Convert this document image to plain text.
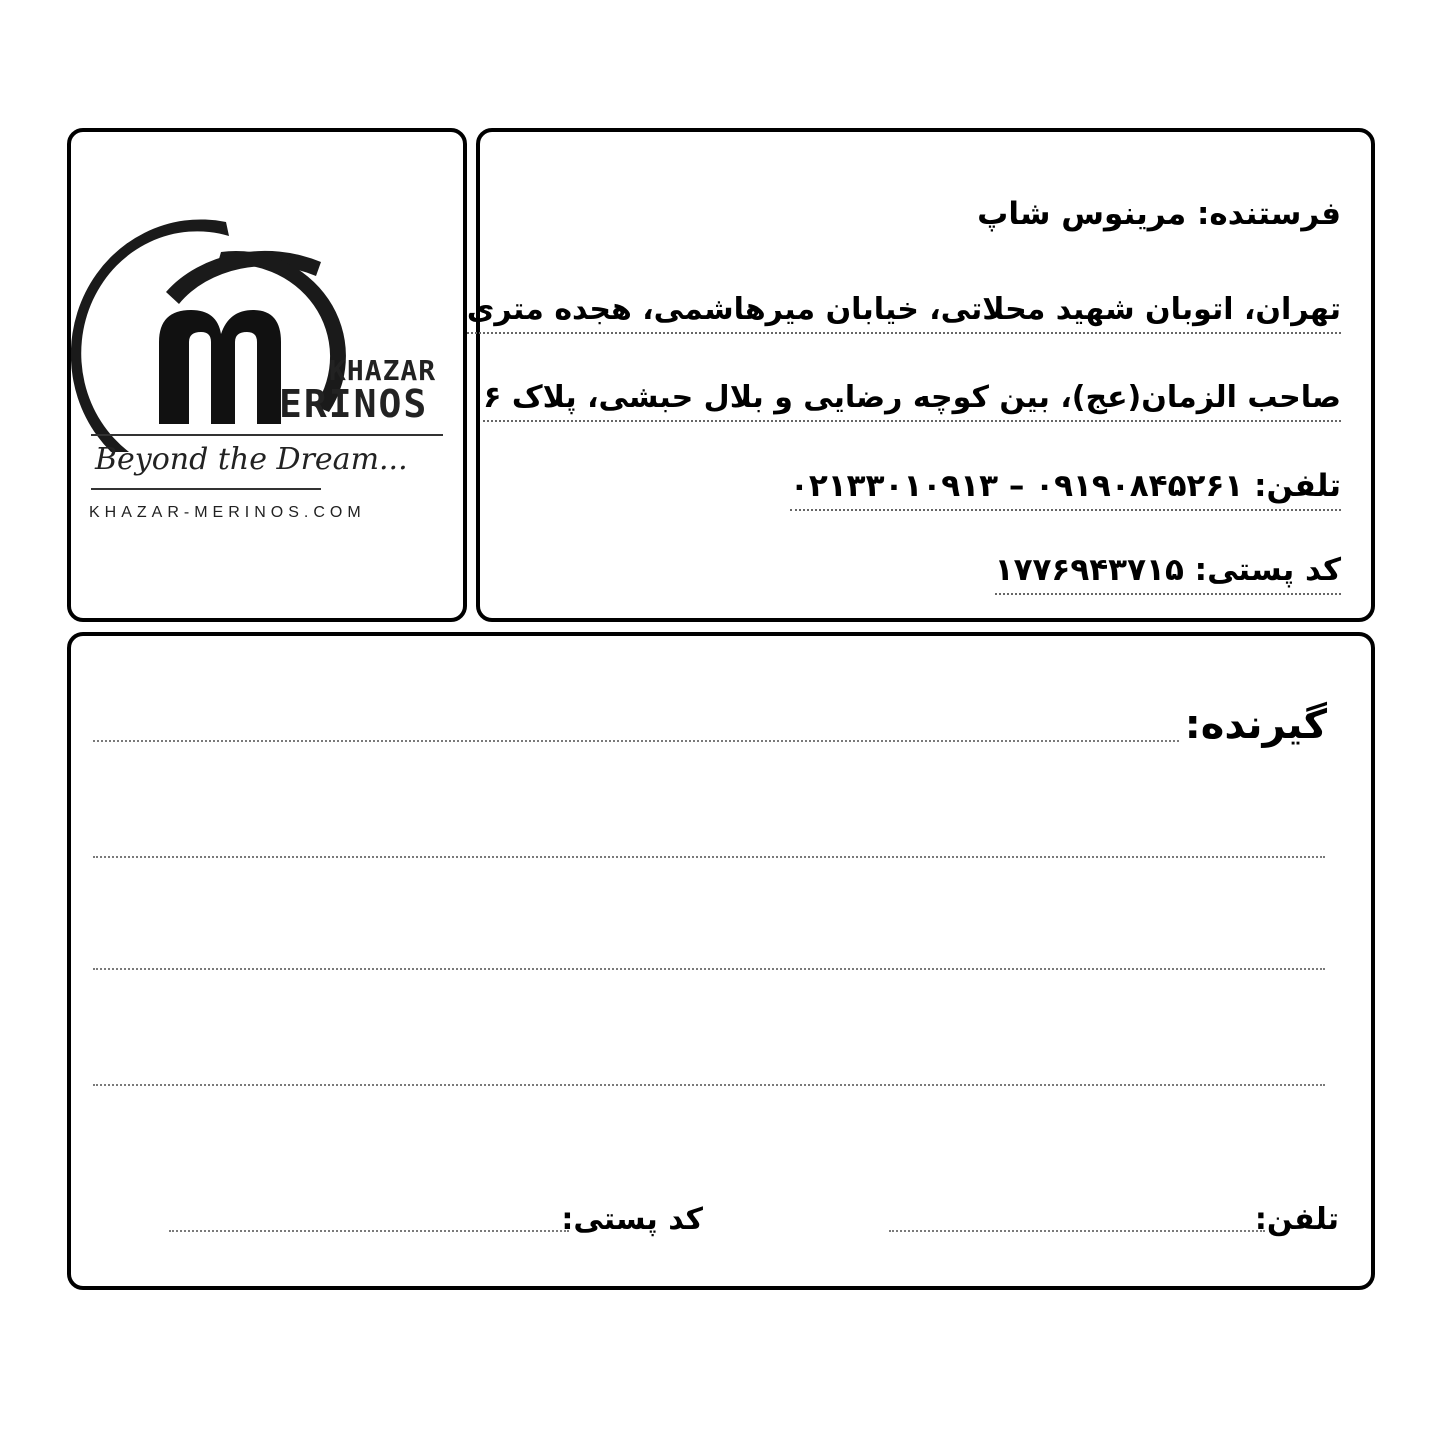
KHAZAR
ERINOS
Beyond the Dream...
KHAZAR-MERINOS.COM
فرستنده: مرینوس شاپ
تهران، اتوبان شهید محلاتی، خیابان میرهاشمی، هجده متری
صاحب الزمان(عج)، بین کوچه رضایی و بلال حبشی، پلاک ۶
تلفن: ۰۹۱۹۰۸۴۵۲۶۱ – ۰۲۱۳۳۰۱۰۹۱۳
کد پستی: ۱۷۷۶۹۴۳۷۱۵
گیرنده:
تلفن:
کد پستی:
